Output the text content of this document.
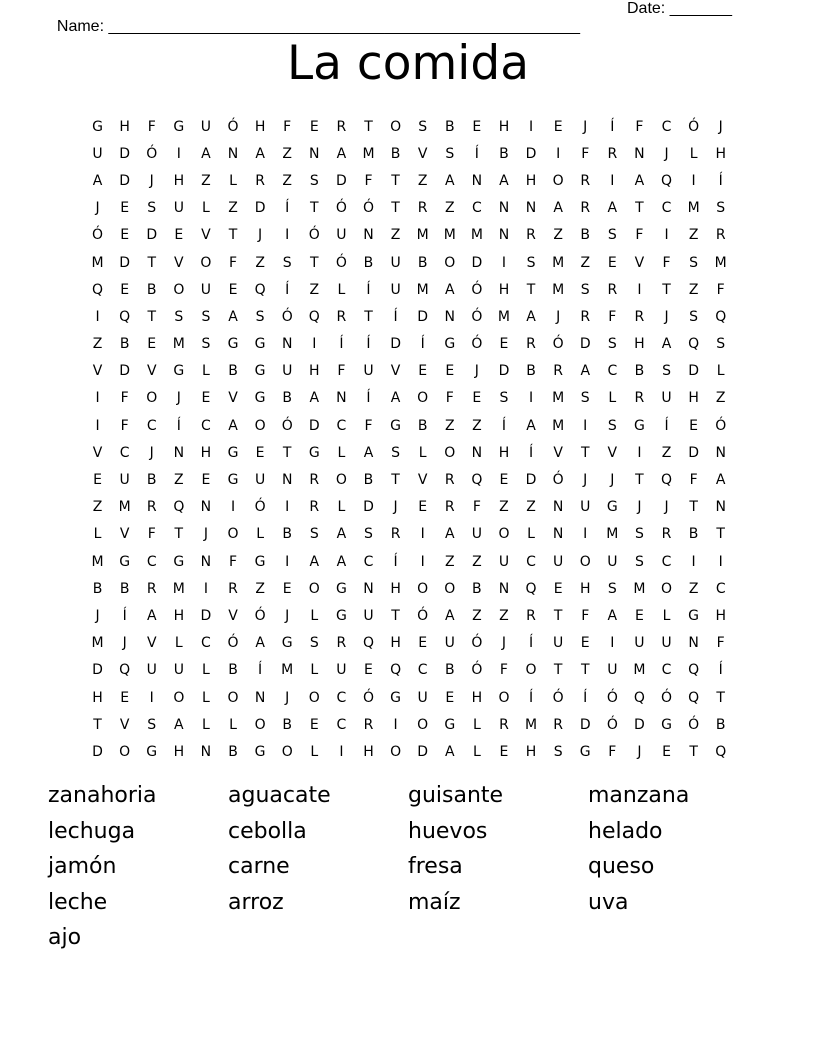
Name: _____________________________________________________

Date: _______

La comida
G	H	F	G	U	Ó	H	F	E	R	T	O	S	B	E	H	I	E	J	Í	F	C	Ó	J
U	D	Ó	I	A	N	A	Z	N	A	M	B	V	S	Í	B	D	I	F	R	N	J	L	H
A	D	J	H	Z	L	R	Z	S	D	F	T	Z	A	N	A	H	O	R	I	A	Q	I	Í
J	E	S	U	L	Z	D	Í	T	Ó	Ó	T	R	Z	C	N	N	A	R	A	T	C	M	S
Ó	E	D	E	V	T	J	I	Ó	U	N	Z	M	M	M	N	R	Z	B	S	F	I	Z	R
M	D	T	V	O	F	Z	S	T	Ó	B	U	B	O	D	I	S	M	Z	E	V	F	S	M
Q	E	B	O	U	E	Q	Í	Z	L	Í	U	M	A	Ó	H	T	M	S	R	I	T	Z	F
I	Q	T	S	S	A	S	Ó	Q	R	T	Í	D	N	Ó	M	A	J	R	F	R	J	S	Q
Z	B	E	M	S	G	G	N	I	Í	Í	D	Í	G	Ó	E	R	Ó	D	S	H	A	Q	S
V	D	V	G	L	B	G	U	H	F	U	V	E	E	J	D	B	R	A	C	B	S	D	L
I	F	O	J	E	V	G	B	A	N	Í	A	O	F	E	S	I	M	S	L	R	U	H	Z
I	F	C	Í	C	A	O	Ó	D	C	F	G	B	Z	Z	Í	A	M	I	S	G	Í	E	Ó
V	C	J	N	H	G	E	T	G	L	A	S	L	O	N	H	Í	V	T	V	I	Z	D	N
E	U	B	Z	E	G	U	N	R	O	B	T	V	R	Q	E	D	Ó	J	J	T	Q	F	A
Z	M	R	Q	N	I	Ó	I	R	L	D	J	E	R	F	Z	Z	N	U	G	J	J	T	N
L	V	F	T	J	O	L	B	S	A	S	R	I	A	U	O	L	N	I	M	S	R	B	T
M	G	C	G	N	F	G	I	A	A	C	Í	I	Z	Z	U	C	U	O	U	S	C	I	I
B	B	R	M	I	R	Z	E	O	G	N	H	O	O	B	N	Q	E	H	S	M	O	Z	C
J	Í	A	H	D	V	Ó	J	L	G	U	T	Ó	A	Z	Z	R	T	F	A	E	L	G	H
M	J	V	L	C	Ó	A	G	S	R	Q	H	E	U	Ó	J	Í	U	E	I	U	U	N	F
D	Q	U	U	L	B	Í	M	L	U	E	Q	C	B	Ó	F	O	T	T	U	M	C	Q	Í
H	E	I	O	L	O	N	J	O	C	Ó	G	U	E	H	O	Í	Ó	Í	Ó	Q	Ó	Q	T
T	V	S	A	L	L	O	B	E	C	R	I	O	G	L	R	M	R	D	Ó	D	G	Ó	B
D	O	G	H	N	B	G	O	L	I	H	O	D	A	L	E	H	S	G	F	J	E	T	Q
zanahoria	aguacate	guisante	manzana
lechuga	cebolla	huevos	helado
jamón	carne	fresa	queso
leche	arroz	maíz	uva
ajo
